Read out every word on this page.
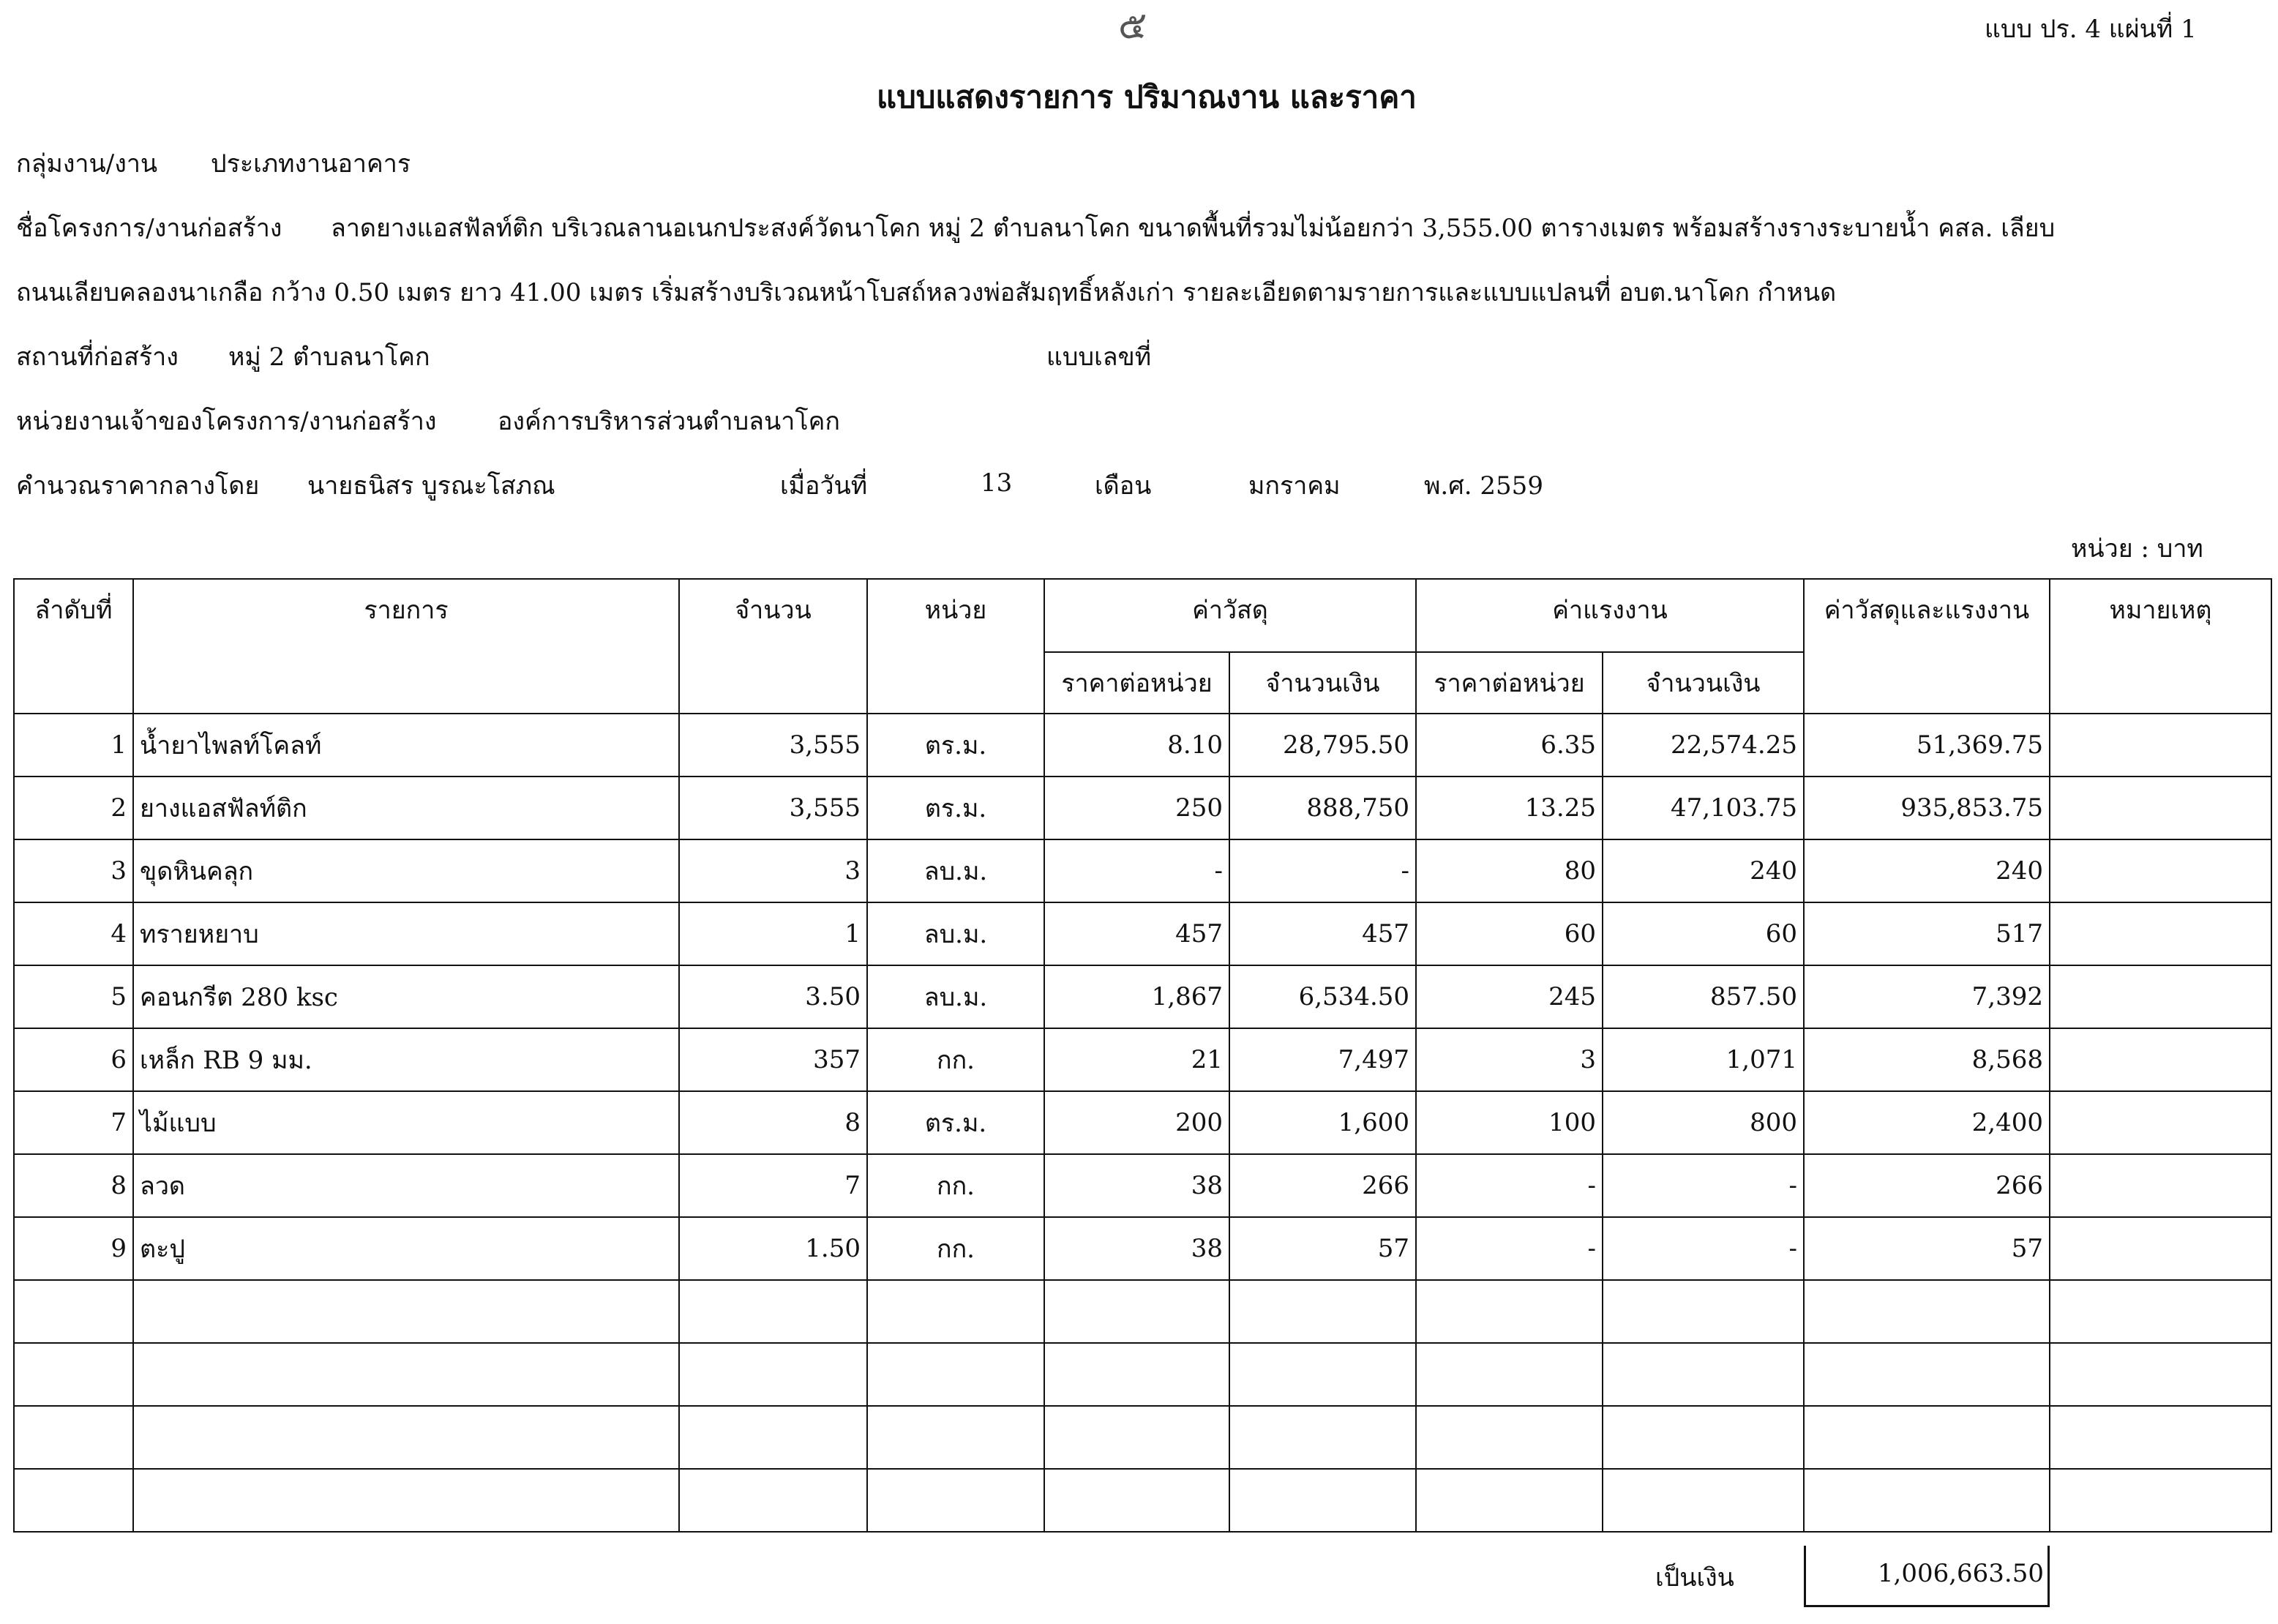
๕	แบบ ปร. 4 แผ่นที่ 1
แบบแสดงรายการ ปริมาณงาน และราคา
กลุ่มงาน/งาน ประเภทงานอาคาร
ชื่อโครงการ/งานก่อสร้าง ลาดยางแอสฟัลท์ติก บริเวณลานอเนกประสงค์วัดนาโคก หมู่ 2 ตำบลนาโคก ขนาดพื้นที่รวมไม่น้อยกว่า 3,555.00 ตารางเมตร พร้อมสร้างรางระบายน้ำ คสล. เลียบ
ถนนเลียบคลองนาเกลือ กว้าง 0.50 เมตร ยาว 41.00 เมตร เริ่มสร้างบริเวณหน้าโบสถ์หลวงพ่อสัมฤทธิ์หลังเก่า รายละเอียดตามรายการและแบบแปลนที่ อบต.นาโคก กำหนด
สถานที่ก่อสร้าง หมู่ 2 ตำบลนาโคก	แบบเลขที่
หน่วยงานเจ้าของโครงการ/งานก่อสร้าง องค์การบริหารส่วนตำบลนาโคก
คำนวณราคากลางโดย นายธนิสร บูรณะโสภณ	เมื่อวันที่	13	เดือน	มกราคม	พ.ศ. 2559
หน่วย : บาท
ลำดับที่	รายการ	จำนวน	หน่วย	ค่าวัสดุ		ค่าแรงงาน		ค่าวัสดุและแรงงาน	หมายเหตุ
				ราคาต่อหน่วย	จำนวนเงิน	ราคาต่อหน่วย	จำนวนเงิน		
1	น้ำยาไพลท์โคลท์	3,555	ตร.ม.	8.10	28,795.50	6.35	22,574.25	51,369.75	
2	ยางแอสฟัลท์ติก	3,555	ตร.ม.	250	888,750	13.25	47,103.75	935,853.75	
3	ขุดหินคลุก	3	ลบ.ม.	-	-	80	240	240	
4	ทรายหยาบ	1	ลบ.ม.	457	457	60	60	517	
5	คอนกรีต 280 ksc	3.50	ลบ.ม.	1,867	6,534.50	245	857.50	7,392	
6	เหล็ก RB 9 มม.	357	กก.	21	7,497	3	1,071	8,568	
7	ไม้แบบ	8	ตร.ม.	200	1,600	100	800	2,400	
8	ลวด	7	กก.	38	266	-	-	266	
9	ตะปู	1.50	กก.	38	57	-	-	57	

เป็นเงิน	1,006,663.50
